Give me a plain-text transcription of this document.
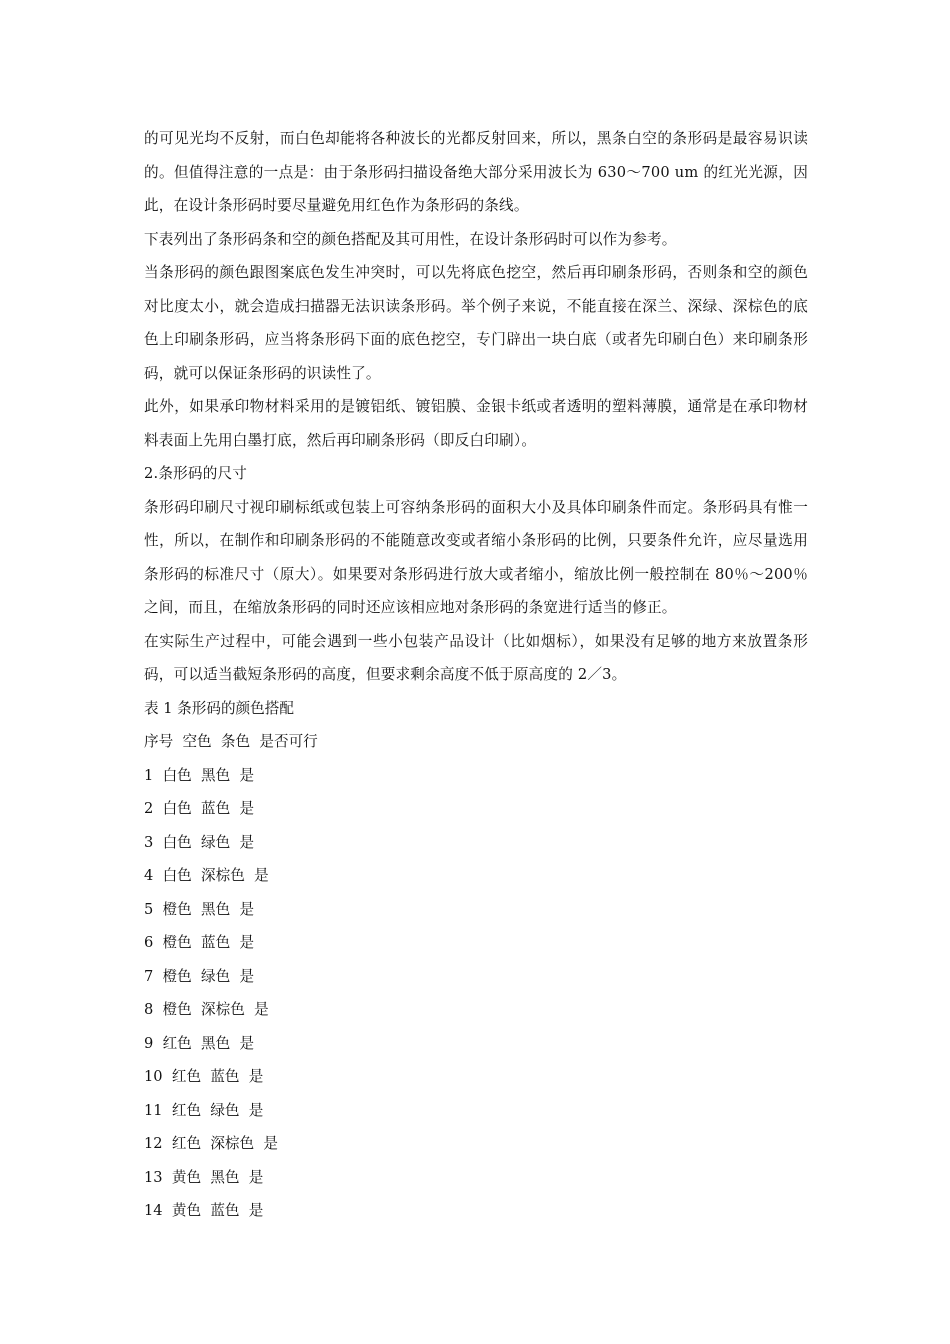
的可见光均不反射，而白色却能将各种波长的光都反射回来，所以，黑条白空的条形码是最容易识读的。但值得注意的一点是：由于条形码扫描设备绝大部分采用波长为 630～700 um 的红光光源，因此，在设计条形码时要尽量避免用红色作为条形码的条线。

下表列出了条形码条和空的颜色搭配及其可用性，在设计条形码时可以作为参考。

当条形码的颜色跟图案底色发生冲突时，可以先将底色挖空，然后再印刷条形码，否则条和空的颜色对比度太小，就会造成扫描器无法识读条形码。举个例子来说，不能直接在深兰、深绿、深棕色的底色上印刷条形码，应当将条形码下面的底色挖空，专门辟出一块白底（或者先印刷白色）来印刷条形码，就可以保证条形码的识读性了。

此外，如果承印物材料采用的是镀铝纸、镀铝膜、金银卡纸或者透明的塑料薄膜，通常是在承印物材料表面上先用白墨打底，然后再印刷条形码（即反白印刷）。

2.条形码的尺寸

条形码印刷尺寸视印刷标纸或包装上可容纳条形码的面积大小及具体印刷条件而定。条形码具有惟一性，所以，在制作和印刷条形码的不能随意改变或者缩小条形码的比例，只要条件允许，应尽量选用条形码的标准尺寸（原大）。如果要对条形码进行放大或者缩小，缩放比例一般控制在 80％～200％之间，而且，在缩放条形码的同时还应该相应地对条形码的条宽进行适当的修正。

在实际生产过程中，可能会遇到一些小包装产品设计（比如烟标），如果没有足够的地方来放置条形码，可以适当截短条形码的高度，但要求剩余高度不低于原高度的 2／3。

表 1 条形码的颜色搭配

序号  空色  条色  是否可行
1  白色  黑色  是
2  白色  蓝色  是
3  白色  绿色  是
4  白色  深棕色  是
5  橙色  黑色  是
6  橙色  蓝色  是
7  橙色  绿色  是
8  橙色  深棕色  是
9  红色  黑色  是
10  红色  蓝色  是
11  红色  绿色  是
12  红色  深棕色  是
13  黄色  黑色  是
14  黄色  蓝色  是
